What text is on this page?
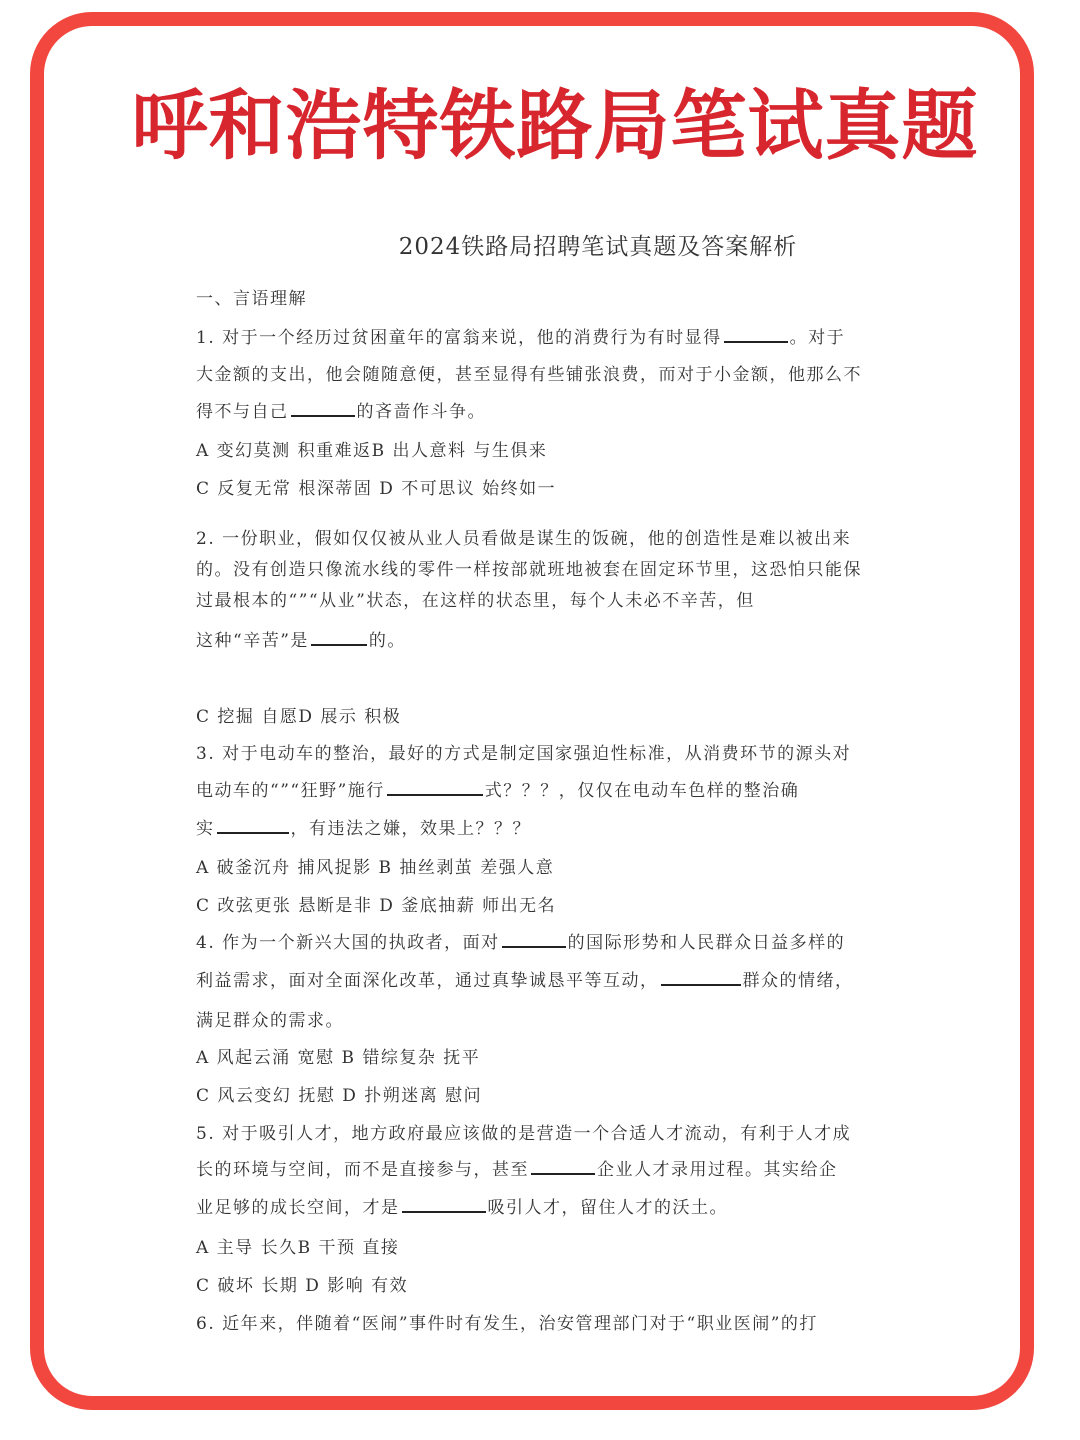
呼和浩特铁路局笔试真题
2024铁路局招聘笔试真题及答案解析
一、言语理解
1. 对于一个经历过贫困童年的富翁来说，他的消费行为有时显得	。对于
大金额的支出，他会随随意便，甚至显得有些铺张浪费，而对于小金额，他那么不
得不与自己	的吝啬作斗争。
A 变幻莫测 积重难返B 出人意料 与生俱来
C 反复无常 根深蒂固 D 不可思议 始终如一
2. 一份职业，假如仅仅被从业人员看做是谋生的饭碗，他的创造性是难以被出来
的。没有创造只像流水线的零件一样按部就班地被套在固定环节里，这恐怕只能保
过最根本的“”“从业”状态，在这样的状态里，每个人未必不辛苦，但
这种“辛苦”是	的。
C 挖掘 自愿D 展示 积极
3. 对于电动车的整治，最好的方式是制定国家强迫性标准，从消费环节的源头对
电动车的“”“狂野”施行	式？？？，仅仅在电动车色样的整治确
实	，有违法之嫌，效果上？？？
A 破釜沉舟 捕风捉影 B 抽丝剥茧 差强人意
C 改弦更张 悬断是非 D 釜底抽薪 师出无名
4. 作为一个新兴大国的执政者，面对	的国际形势和人民群众日益多样的
利益需求，面对全面深化改革，通过真挚诚恳平等互动，	群众的情绪，
满足群众的需求。
A 风起云涌 宽慰 B 错综复杂 抚平
C 风云变幻 抚慰 D 扑朔迷离 慰问
5. 对于吸引人才，地方政府最应该做的是营造一个合适人才流动，有利于人才成
长的环境与空间，而不是直接参与，甚至	企业人才录用过程。其实给企
业足够的成长空间，才是	吸引人才，留住人才的沃土。
A 主导 长久B 干预 直接
C 破坏 长期 D 影响 有效
6. 近年来，伴随着“医闹”事件时有发生，治安管理部门对于“职业医闹”的打
